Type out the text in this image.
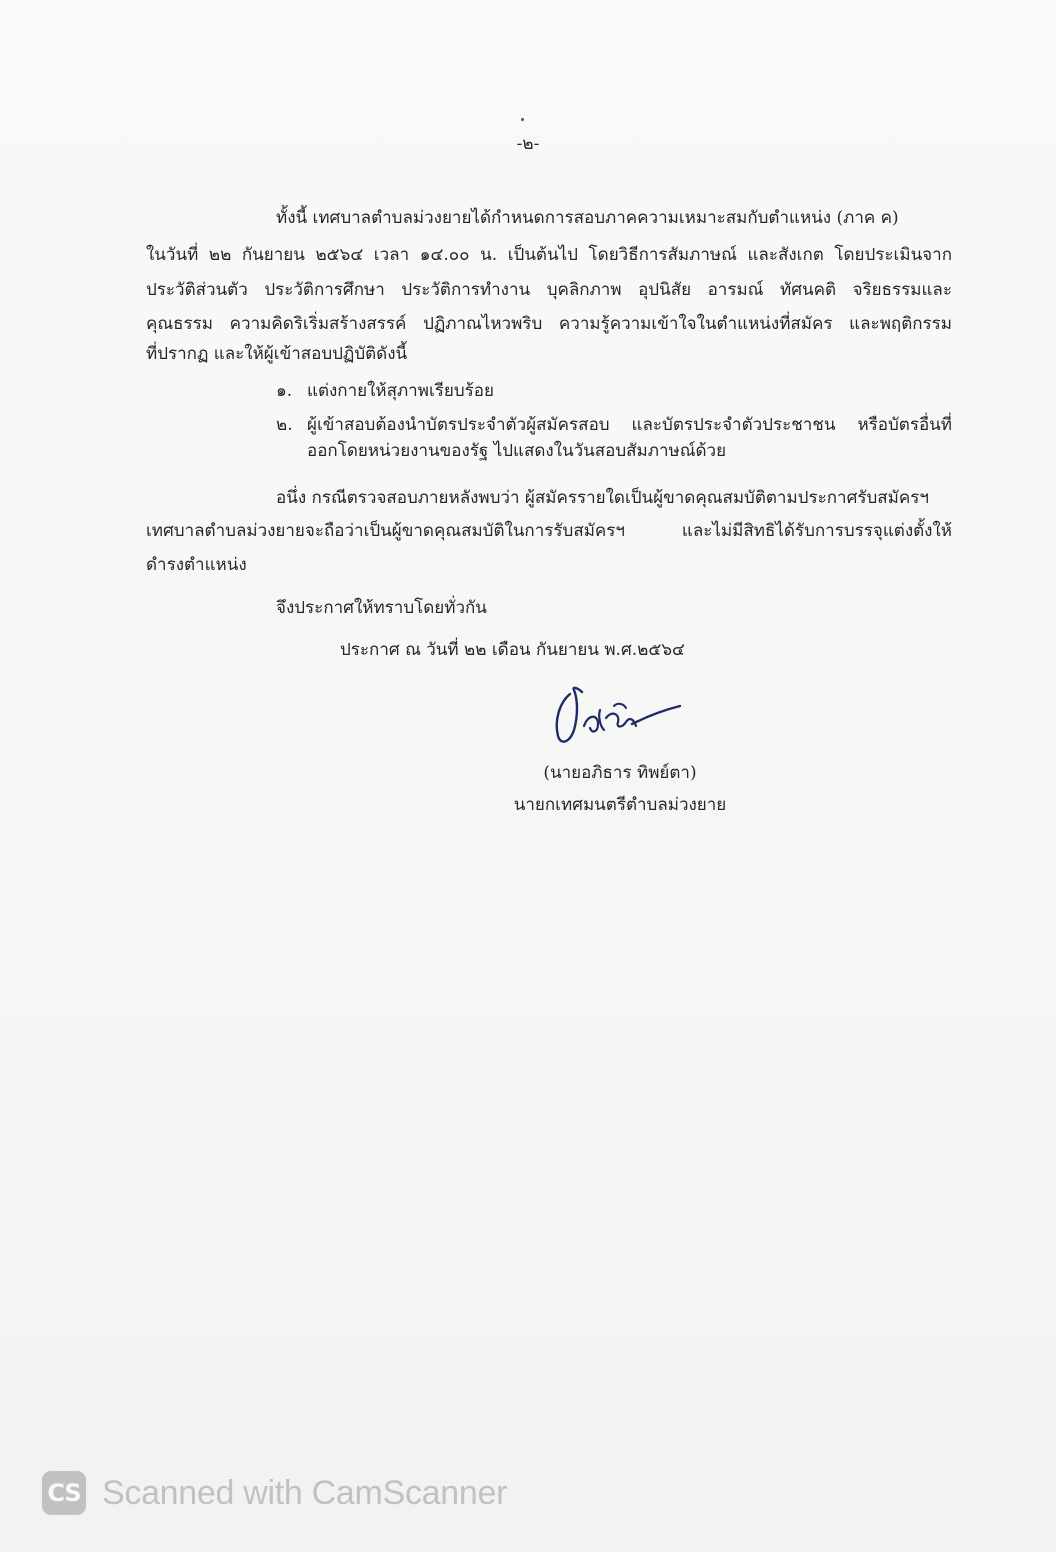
-๒-
ทั้งนี้ เทศบาลตำบลม่วงยายได้กำหนดการสอบภาคความเหมาะสมกับตำแหน่ง (ภาค ค)
ในวันที่ ๒๒ กันยายน ๒๕๖๔ เวลา ๑๔.๐๐ น. เป็นต้นไป โดยวิธีการสัมภาษณ์ และสังเกต โดยประเมินจาก
ประวัติส่วนตัว ประวัติการศึกษา ประวัติการทำงาน บุคลิกภาพ อุปนิสัย อารมณ์ ทัศนคติ จริยธรรมและ
คุณธรรม ความคิดริเริ่มสร้างสรรค์ ปฏิภาณไหวพริบ ความรู้ความเข้าใจในตำแหน่งที่สมัคร และพฤติกรรม
ที่ปรากฏ และให้ผู้เข้าสอบปฏิบัติดังนี้
๑. แต่งกายให้สุภาพเรียบร้อย
๒. ผู้เข้าสอบต้องนำบัตรประจำตัวผู้สมัครสอบ และบัตรประจำตัวประชาชน หรือบัตรอื่นที่
ออกโดยหน่วยงานของรัฐ ไปแสดงในวันสอบสัมภาษณ์ด้วย
อนึ่ง กรณีตรวจสอบภายหลังพบว่า ผู้สมัครรายใดเป็นผู้ขาดคุณสมบัติตามประกาศรับสมัครฯ
เทศบาลตำบลม่วงยายจะถือว่าเป็นผู้ขาดคุณสมบัติในการรับสมัครฯ และไม่มีสิทธิได้รับการบรรจุแต่งตั้งให้
ดำรงตำแหน่ง
จึงประกาศให้ทราบโดยทั่วกัน
ประกาศ ณ วันที่ ๒๒ เดือน กันยายน พ.ศ.๒๕๖๔
(นายอภิธาร ทิพย์ตา)
นายกเทศมนตรีตำบลม่วงยาย
CS Scanned with CamScanner
